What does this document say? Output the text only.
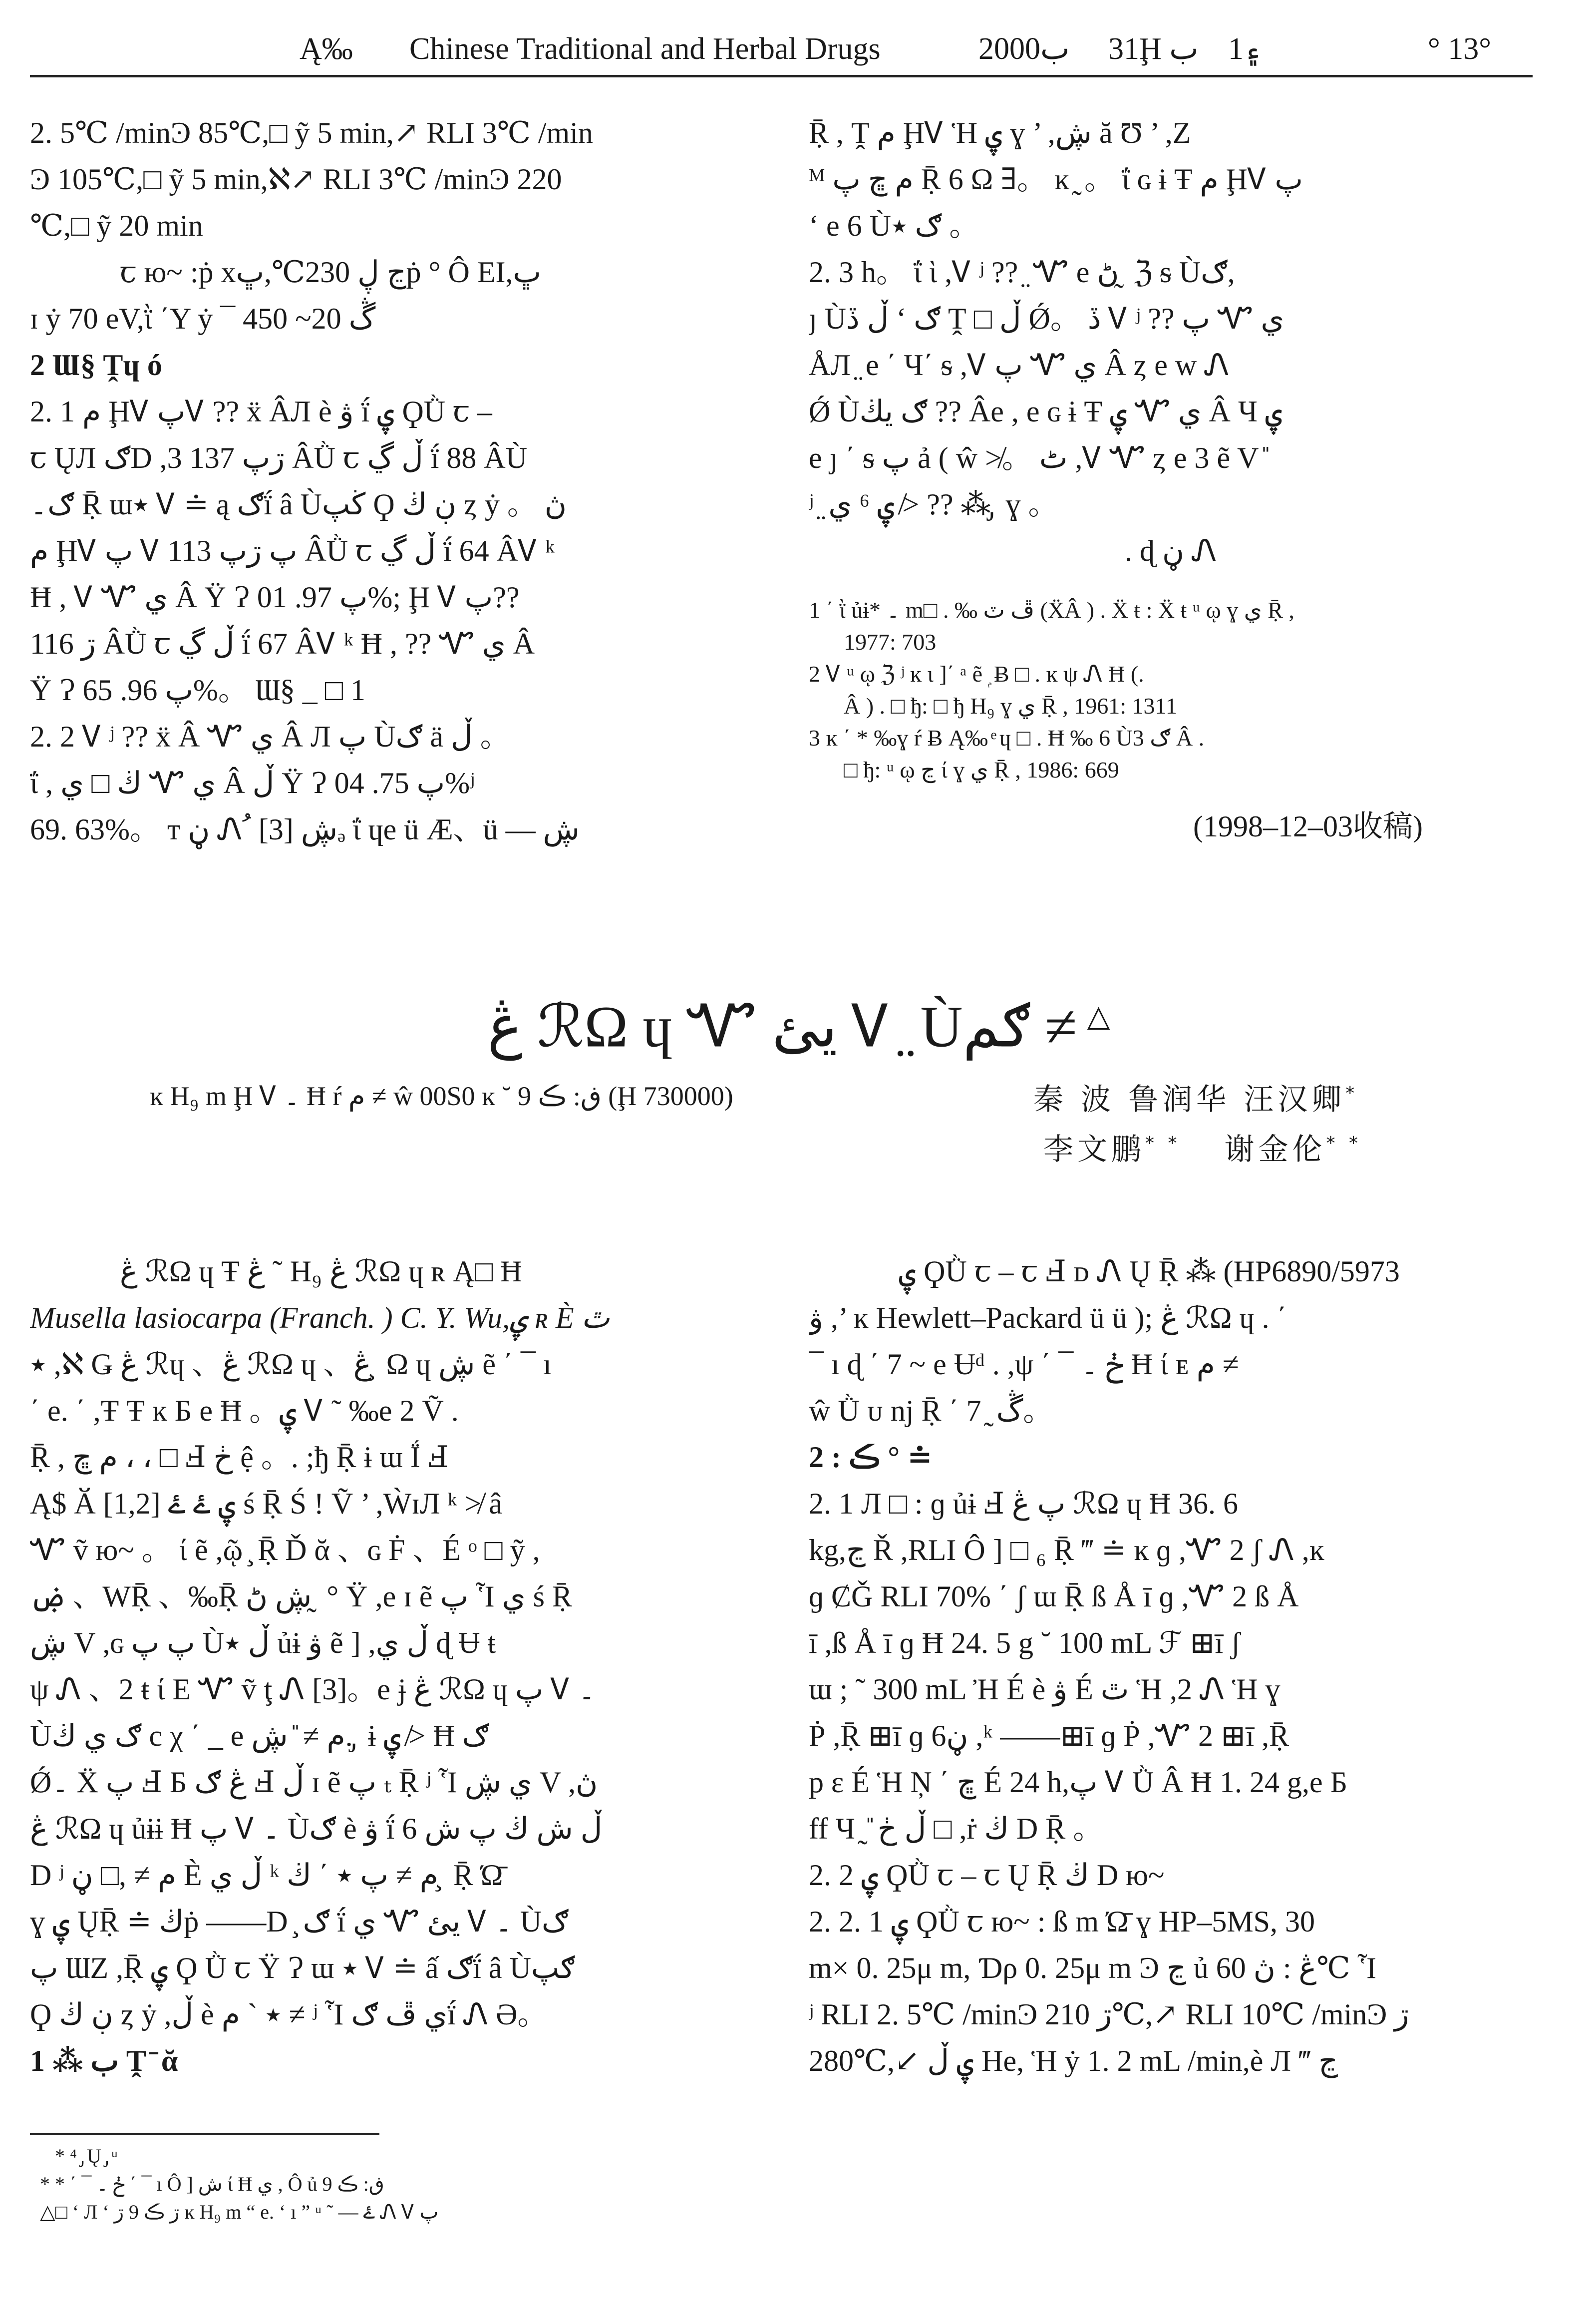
Ą‰ Chinese Traditional and Herbal Drugs	2000ب 31Ḩ ب 1۽	° 13°
2. 5℃ /minϿ 85℃,□ ỹ 5 min,↗ RLI 3℃ /min
Ͽ 105℃,□ ỹ 5 min,ℵ↗ RLI 3℃ /minϿ 220
℃,□ ỹ 20 min
ꞇ ю~ :ṗ xڃ ڸ 230℃,ڀṗ ° Ô EI,ڀ
ɪ ẏ 70 eV,ῒ ΄Y ẏ ¯ ڴ 20~ 450
2 Ɯ§ Ṱɥ ó
2. 1 م ḨᏙ پᏙ ?? ẍ ÂЛ è ۋ ḯ ۑ ϘǛ ꞇ –
ꞇ ŲЛ ګD ,3 ڗپ 137 ÂǛ ꞇ ڵ ڲ ḯ 88 ÂÙ
ګ۔ Ṝ ɯ٭ Ꮩ ≐ ą ګḯ â Ùڬپ Ϙ ڹ ڬ ȥ ẏ 。 ڽ
م ḨᏙ پ Ꮩ پ ڗپ 113 ÂǛ ꞇ ڵ ڲ ḯ 64 ÂᏙ ᵏ
Ħ , Ꮩ Ꮙ ي Â Ÿ Ɂ پ 97. 01%; Ḩ Ꮩ پ??
ڗ 116 ÂǛ ꞇ ڵ ڲ ḯ 67 ÂᏙ ᵏ Ħ , ?? Ꮙ ي Â
Ÿ Ɂ پ 96. 65%。 Ɯ§ _ □ 1
2. 2 Ꮩ ʲ ?? ẍ Â Ꮙ ي Â Л پ Ùګ ä ڵ 。
ΐ , ڬ □ ي Ꮙ ي Â ڵ Ÿ Ɂ پ 75. 04%ʲ
69. 63%。 ᴛ ڼ Ꮑ ُ ڜ [3]ₔ ΐ ɥe ü Æ、ü — ڜ
Ṝ , Ṱ م ḨᏙ Ἡ ۑ ɣ ’ ,ڜ ă Ʊ ’ ,Z
ᴹ م ڇ پ Ṝ 6 Ω ∃。 ĸ ̰ 。 ΐ ɢ ɨ Ŧ م ḨᏙ پ
‘ e 6 Ùګ ٭ 。
2. 3 h。 ΐ ὶ ,Ꮩ ʲ ?? ̤ Ꮙ e ڻ ̰ ℨ ᵴ Ùګ,
ȷ Ùګ ‘ ڵ ڏ Ṱ □ ڵ Ǿ。 ڏ Ꮩ ʲ ?? پ Ꮙ ي
ÅЛ ̤ e ΄ Ч΄ ᵴ ,Ꮩ پ Ꮙ ي Â ȥ e w Ꮑ
Ǿ Ùګ يڬ ?? Âe , e ɢ ɨ Ŧ ۑ Ꮙ ي Â Ч ۑ
e ȷ ΄ ᵴ پ ả ( ŵ ≯。 ٹ ,Ꮩ Ꮙ ȥ e 3 ẽ V ̎
ʲ ̤ ۑ ⁶ ي ≯ ?? ⁂ ̡ ɣ 。
. ɖ ڼ Ꮑ
1 ΄ ῒ ủɨ* ۔ m□ . ‰ ڦ ٽ (ẌÂ ) . Ẍ ŧ : Ẍ ŧ ᵘ ῳ ɣ ي Ṝ ,
1977: 703
2 Ꮩ ᵘ ῳ ℨ ʲ ĸ ɩ ]΄ ᵃ ẽ ۭ Ƀ □ . ĸ ψ Ꮑ Ħ (.
Â ) . □ ђ: □ ђ H₉ ɣ ي Ṝ , 1961: 1311
3 ĸ ΄ * ‰ɣ ŕ Ƀ Ą‰ ͤ ɥ □ . Ħ ‰ 6 Ùګ 3 Â .
□ ђ: ᵘ ῳ ڃ ί ɣ ي Ṝ , 1986: 669
(1998–12–03收稿)
ڠ ℛΩ ɥ Ꮙ يئ Ꮩ ̤ Ùګم ≠ △
ĸ H₉ m Ḩ Ꮩ ۔ Ħ ŕ م ≠ ŵ 00S0 ĸ ˘ ڧ: ڪ 9 (Ḩ 730000)	秦 波 鲁润华 汪汉卿*
李文鹏* * 谢金伦* *
ڠ ℛΩ ɥ Ŧ ڠ ˜ H₉ ڠ ℛΩ ɥ ʀ Ą□ Ħ
Musella lasiocarpa (Franch. ) C. Y. Wu,ۑ ʀ È ٿ
٭ ,ℵ Ǥ ڠ ℛɥ 、ڠ ℛΩ ɥ 、ڠ ̧ Ω ɥ ڜ ẽ ΄ ¯ ı
΄ e. ΄ ,Ŧ Ŧ ĸ Б e Ħ 。ۑ Ꮩ ˜ ‰e 2 Ṽ .
Ṝ , م ڇ ، ، □ Ⅎ ڂ ệ 。. ;ђ Ṝ ɨ ɯ Ḯ Ⅎ
Ą$ Ӑ [1,2] ۑ ۓ ۓ ś Ṝ Ś ! Ṽ ’ ,ẀɪЛ ᵏ ≯ â
Ꮙ ṽ ю~ 。 ί ẽ ,ῷ ̧ Ṝ Ď ᾰ 、ɢ Ḟ 、É ᵒ □ ỹ ,
ۻ 、WṜ 、‰Ṝ ڜ ڻ ̰ ° Ÿ ,e ɪ ẽ پ Ἷ ي ś Ṝ
ڜ V ,ɢ پ پ Ùڵ ٭ ủɨ ۋ ẽ ] ,ڵ ي ɖ Ʉ ŧ
ψ Ꮑ 、2 ŧ ί E Ꮙ ṽ ţ Ꮑ [3]。e ɉ ڠ ℛΩ ɥ پ Ꮩ ۔
Ùګ ي ڬ c χ ΄ _ e م ≠ ̎ ڜ. ̡ ɨ ۑ ≯ Ħ ګ
Ǿ۔ Ẍ پ Ⅎ Б ڠ ګ Ⅎ ڵ ɪ ẽ پ ₜ Ṝ ʲ Ἷ ي ڜ V ,ڽ
ڠ ℛΩ ɥ ủɨɨ Ħ پ Ꮩ ۔ Ùګ è ۋ ḯ 6 ڵ ش ڬ پ ش
D ʲ م ≠ ,□ ڼ È ڵ ي ᵏ م ≠ پ ٭ ΄ ڬ ̧ Ṝ Ώ̄
ɣ ۑ ŲṜ ≐ ڬṗ ——D ̧ ګ ḯ ي Ꮙ يئ Ꮩ ۔ Ùګ
پ ƜZ ,Ṝ ۑ Ϙ Ǜ ꞇ Ÿ Ɂ ɯ ٭ Ꮩ ≐ ấ ګḯ â Ùګپ
Ϙ ڹ ڬ ȥ ẏ ,ڵ è ٭ ` م ≠ ʲ Ἷ ي ڦ ګḯ Ꮑ Ә。
1 ⁂ ب Ṱ ̄ ᾰ
ۑ ϘǛ ꞇ – ꞇ Ⅎ ᴅ Ꮑ Ų Ṝ ⁂ (HP6890/5973
ۋ ,’ ĸ Hewlett–Packard ü ü ); ڠ ℛΩ ɥ . ΄
¯ ı ɖ ΄ 7 ~ e Ʉᵈ . ,ψ ΄ ¯ ڂ ۔ Ħ ί ᴇ م ≠
ŵ Ǜ ᴜ ǌ Ṝ ΄ 7 ̰ ڴ。
2 : ڪ ° ≐
2. 1 Л □ : ɡ ủɨ Ⅎ پ ڠ ℛΩ ɥ Ħ 36. 6
kg,ڃ Ř ,RLI Ô ] □ ₆ Ṝ ‴ ≐ ĸ ɡ ,Ꮙ 2 ʃ Ꮑ ,ĸ
ɡ ȻǦ RLI 70% ΄ ʃ ɯ Ṝ ß Å ī ɡ ,Ꮙ 2 ß Å
ī ,ß Å ī ɡ Ħ 24. 5 g ˘ 100 mL ℱ ⊞ī ʃ
ɯ ; ˜ 300 mL Ἠ É è ۋ É ٿ Ἡ ,2 Ꮑ Ἡ ɣ
Ṗ ,Ṝ ⊞ī ɡ 6ڼ ,ᵏ ——⊞ī ɡ Ṗ ,Ꮙ 2 ⊞ī ,Ṝ
p ε É Ἡ Ņ ΄ ڇ É 24 h,پ Ꮩ Ǜ Â Ħ 1. 24 g,e Б
ff Ч ̰ ̎ ڵ ڂ □ ,ṙ ڬ D Ṝ 。
2. 2 ۑ ϘǛ ꞇ – ꞇ Ų Ṝ ڬ D ю~
2. 2. 1 ۑ ϘǛ ꞇ ю~ : ß m Ώ̄ ɣ HP–5MS, 30
m× 0. 25μ m, Ɗρ 0. 25μ m Ͽ ڃ ủ ڠ : ڽ 60℃ Ἷ
ʲ RLI 2. 5℃ /minϿ ڗ 210℃,↗ RLI 10℃ /minϿ ڗ
280℃,↙ ۑ ڵ He, Ἡ ẏ 1. 2 mL /min,è Л ‴ ڃ
* ⁴ ̡ Ų ̡ ᵘ
* * ΄ ¯ ڂ ۔ ΄ ¯ ı Ô ] ش ί Ħ ي , Ô ủ ڧ: ڪ 9
△□ ‘ Л ‘ ڗ ڪ 9 ڗ ĸ H₉ m “ e. ‘ ı ” ᵘ ˜ — ۓ Ꮑ Ꮩ پ
